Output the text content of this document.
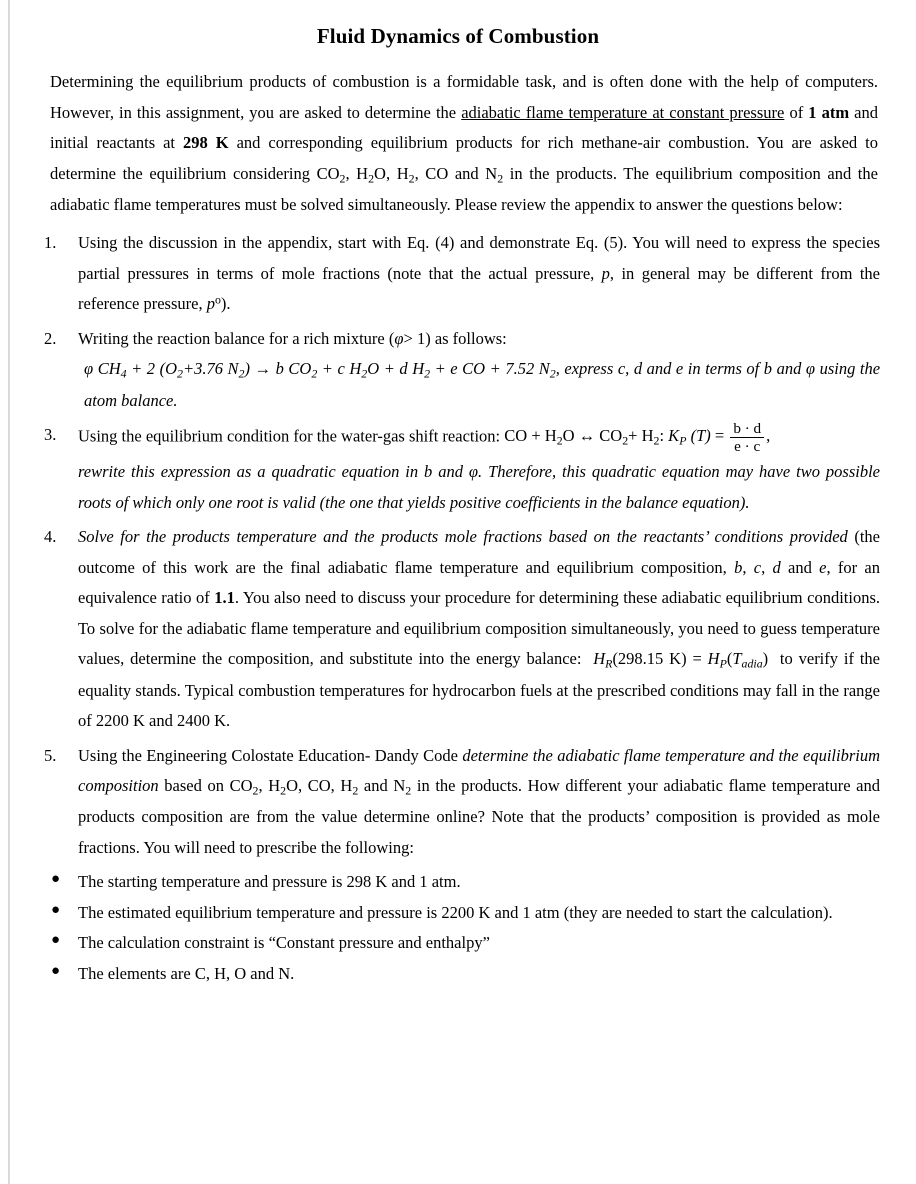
Fluid Dynamics of Combustion

Determining the equilibrium products of combustion is a formidable task, and is often done with the help of computers. However, in this assignment, you are asked to determine the adiabatic flame temperature at constant pressure of 1 atm and initial reactants at 298 K and corresponding equilibrium products for rich methane-air combustion. You are asked to determine the equilibrium considering $CO_2$, $H_2O$, $H_2$, CO and $N_2$ in the products. The equilibrium composition and the adiabatic flame temperatures must be solved simultaneously. Please review the appendix to answer the questions below:

1.	Using the discussion in the appendix, start with Eq. (4) and demonstrate Eq. (5). You will need to express the species partial pressures in terms of mole fractions (note that the actual pressure, p, in general may be different from the reference pressure, $p^o$).
2.	Writing the reaction balance for a rich mixture (φ> 1) as follows:
φ $CH_4 + 2$ ($O_2+3.76$ $N_2) \to b$ $CO_2 + c$ $H_2O + d$ $H_2 + e$ CO + 7.52 $N_2$, express c, d and e in terms of b and φ using the atom balance.
3.	Using the equilibrium condition for the water-gas shift reaction: CO + $H_2O$ ↔ $CO_2+ H_2$: $K_P$ $(T) = \frac{b \cdot d}{e \cdot c}$ ,
rewrite this expression as a quadratic equation in b and φ. Therefore, this quadratic equation may have two possible roots of which only one root is valid (the one that yields positive coefficients in the balance equation).
4.	Solve for the products temperature and the products mole fractions based on the reactants’ conditions provided (the outcome of this work are the final adiabatic flame temperature and equilibrium composition, b, c, d and e, for an equivalence ratio of 1.1. You also need to discuss your procedure for determining these adiabatic equilibrium conditions. To solve for the adiabatic flame temperature and equilibrium composition simultaneously, you need to guess temperature values, determine the composition, and substitute into the energy balance: $H_R(298.15$ $K) = H_P(T_{adia})$  to verify if the equality stands. Typical combustion temperatures for hydrocarbon fuels at the prescribed conditions may fall in the range of 2200 K and 2400 K.
5.	Using the Engineering Colostate Education- Dandy Code determine the adiabatic flame temperature and the equilibrium composition based on $CO_2$, $H_2O$, CO, $H_2$ and $N_2$ in the products. How different your adiabatic flame temperature and products composition are from the value determine online? Note that the products’ composition is provided as mole fractions. You will need to prescribe the following:
● The starting temperature and pressure is 298 K and 1 atm.
● The estimated equilibrium temperature and pressure is 2200 K and 1 atm (they are needed to start the calculation).
● The calculation constraint is “Constant pressure and enthalpy”
● The elements are C, H, O and N.
